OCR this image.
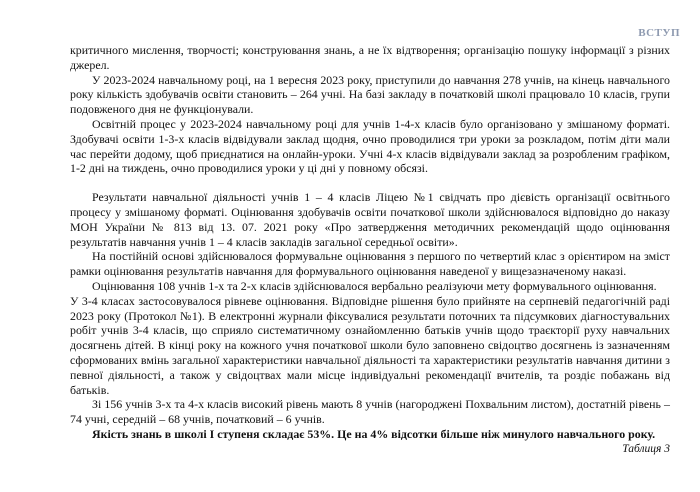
ВСТУП

критичного мислення, творчості; конструювання знань, а не їх відтворення; організацію пошуку інформації з різних джерел.

У 2023-2024 навчальному році, на 1 вересня 2023 року, приступили до навчання 278 учнів, на кінець навчального року кількість здобувачів освіти становить – 264 учні. На базі закладу в початковій школі працювало 10 класів, групи подовженого дня не функціонували.

Освітній процес у 2023-2024 навчальному році для учнів 1-4-х класів було організовано у змішаному форматі. Здобувачі освіти 1-3-х класів відвідували заклад щодня, очно проводилися три уроки за розкладом, потім діти мали час перейти додому, щоб приєднатися на онлайн-уроки. Учні 4-х класів відвідували заклад за розробленим графіком, 1-2 дні на тиждень, очно проводилися уроки у ці дні у повному обсязі.

Результати навчальної діяльності учнів 1 – 4 класів Ліцею №1 свідчать про дієвість організації освітнього процесу у змішаному форматі. Оцінювання здобувачів освіти початкової школи здійснювалося відповідно до наказу МОН України № 813 від 13. 07. 2021 року «Про затвердження методичних рекомендацій щодо оцінювання результатів навчання учнів 1 – 4 класів закладів загальної середньої освіти».

На постійній основі здійснювалося формувальне оцінювання з першого по четвертий клас з орієнтиром на зміст рамки оцінювання результатів навчання для формувального оцінювання наведеної у вищезазначеному наказі.

Оцінювання 108 учнів 1-х та 2-х класів здійснювалося вербально реалізуючи мету формувального оцінювання.

У 3-4 класах застосовувалося рівневе оцінювання. Відповідне рішення було прийняте на серпневій педагогічній раді 2023 року (Протокол №1). В електронні журнали фіксувалися результати поточних та підсумкових діагностувальних робіт учнів 3-4 класів, що сприяло систематичному ознайомленню батьків учнів щодо траєкторії руху навчальних досягнень дітей. В кінці року на кожного учня початкової школи було заповнено свідоцтво досягнень із зазначенням сформованих вмінь загальної характеристики навчальної діяльності та характеристики результатів навчання дитини з певної діяльності, а також у свідоцтвах мали місце індивідуальні рекомендації вчителів, та роздіє побажань від батьків.

Зі 156 учнів 3-х та 4-х класів високий рівень мають 8 учнів (нагороджені Похвальним листом), достатній рівень – 74 учні, середній – 68 учнів, початковий – 6 учнів.

Якість знань в школі І ступеня складає 53%. Це на 4% відсотки більше ніж минулого навчального року.

Таблиця 3
